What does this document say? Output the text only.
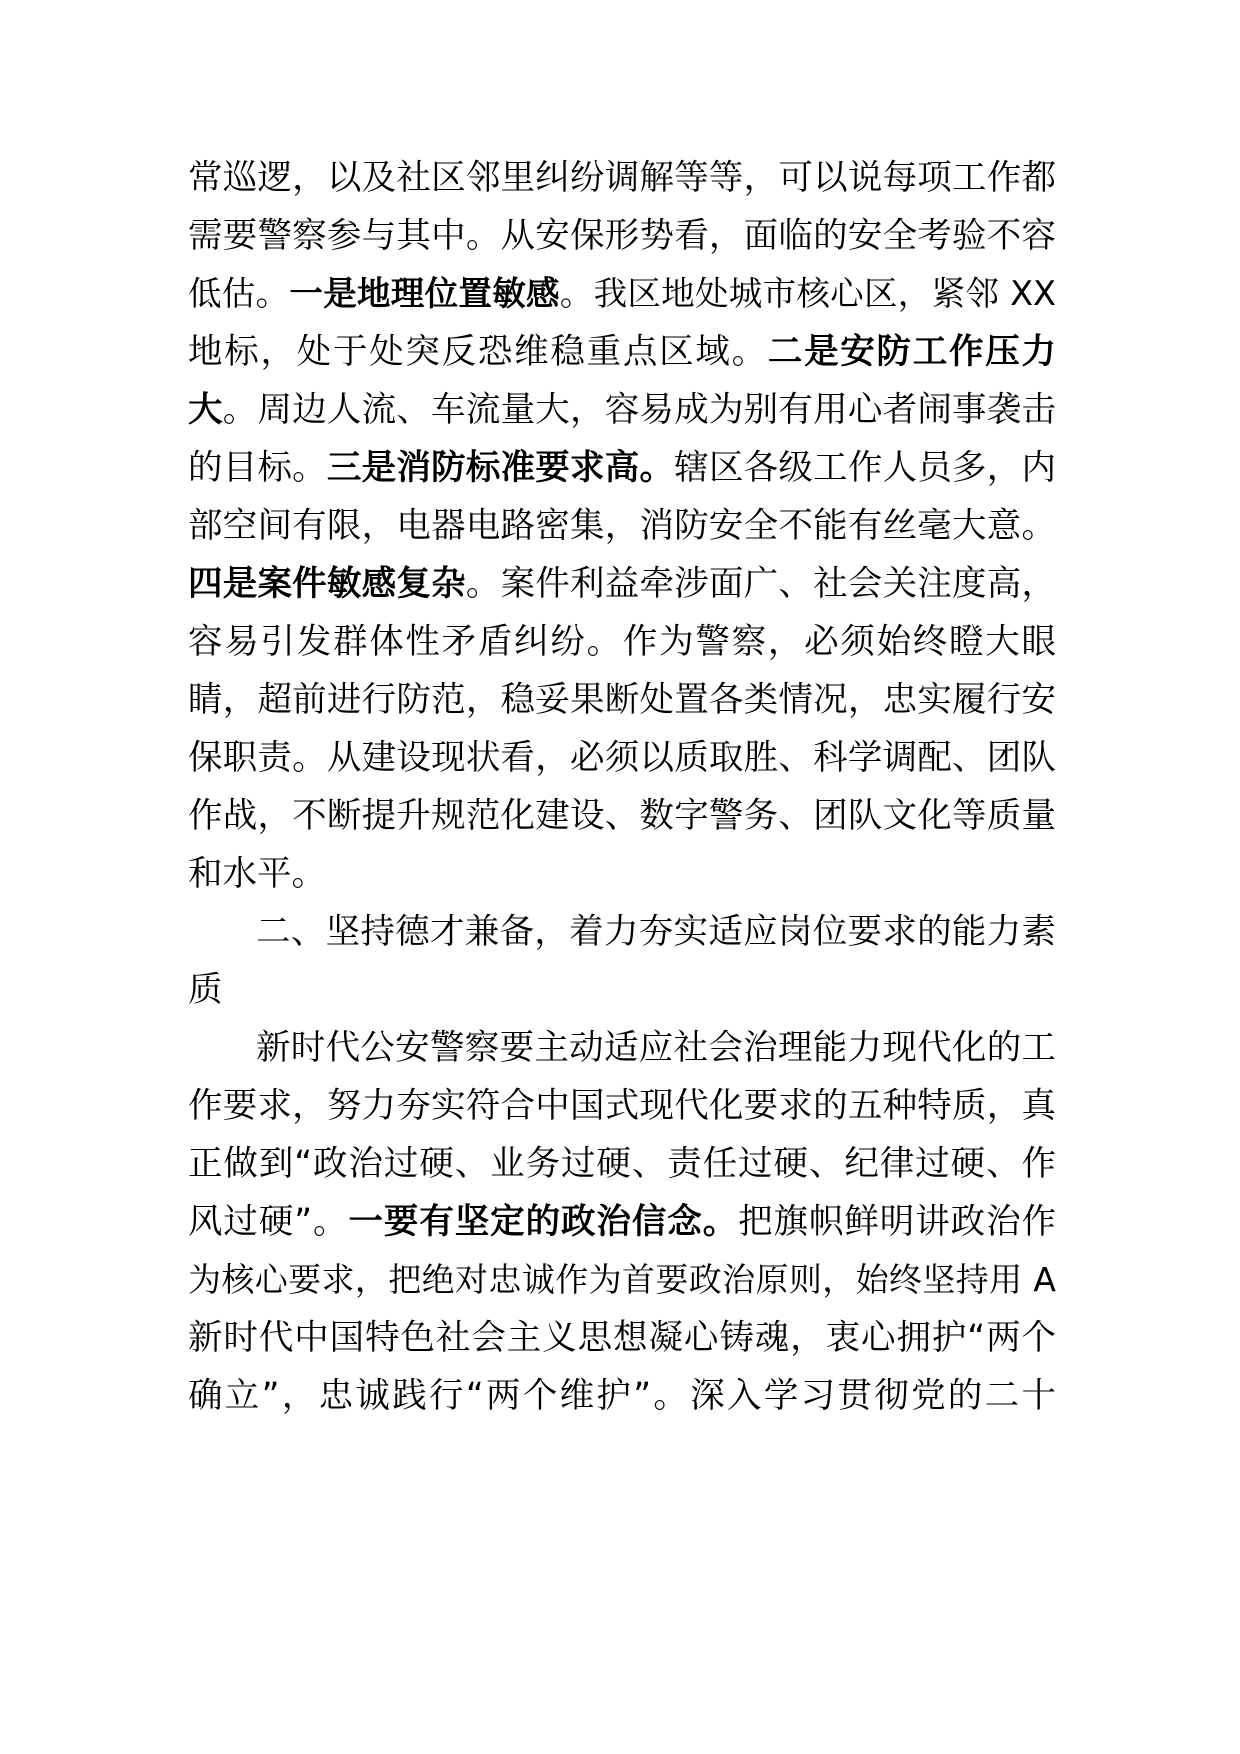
常巡逻，以及社区邻里纠纷调解等等，可以说每项工作都
需要警察参与其中。从安保形势看，面临的安全考验不容
低估。一是地理位置敏感。我区地处城市核心区，紧邻 XX
地标，处于处突反恐维稳重点区域。二是安防工作压力
大。周边人流、车流量大，容易成为别有用心者闹事袭击
的目标。三是消防标准要求高。辖区各级工作人员多，内
部空间有限，电器电路密集，消防安全不能有丝毫大意。
四是案件敏感复杂。案件利益牵涉面广、社会关注度高，
容易引发群体性矛盾纠纷。作为警察，必须始终瞪大眼
睛，超前进行防范，稳妥果断处置各类情况，忠实履行安
保职责。从建设现状看，必须以质取胜、科学调配、团队
作战，不断提升规范化建设、数字警务、团队文化等质量
和水平。
二、坚持德才兼备，着力夯实适应岗位要求的能力素
质
新时代公安警察要主动适应社会治理能力现代化的工
作要求，努力夯实符合中国式现代化要求的五种特质，真
正做到“政治过硬、业务过硬、责任过硬、纪律过硬、作
风过硬”。一要有坚定的政治信念。把旗帜鲜明讲政治作
为核心要求，把绝对忠诚作为首要政治原则，始终坚持用 A
新时代中国特色社会主义思想凝心铸魂，衷心拥护“两个
确立”，忠诚践行“两个维护”。深入学习贯彻党的二十
